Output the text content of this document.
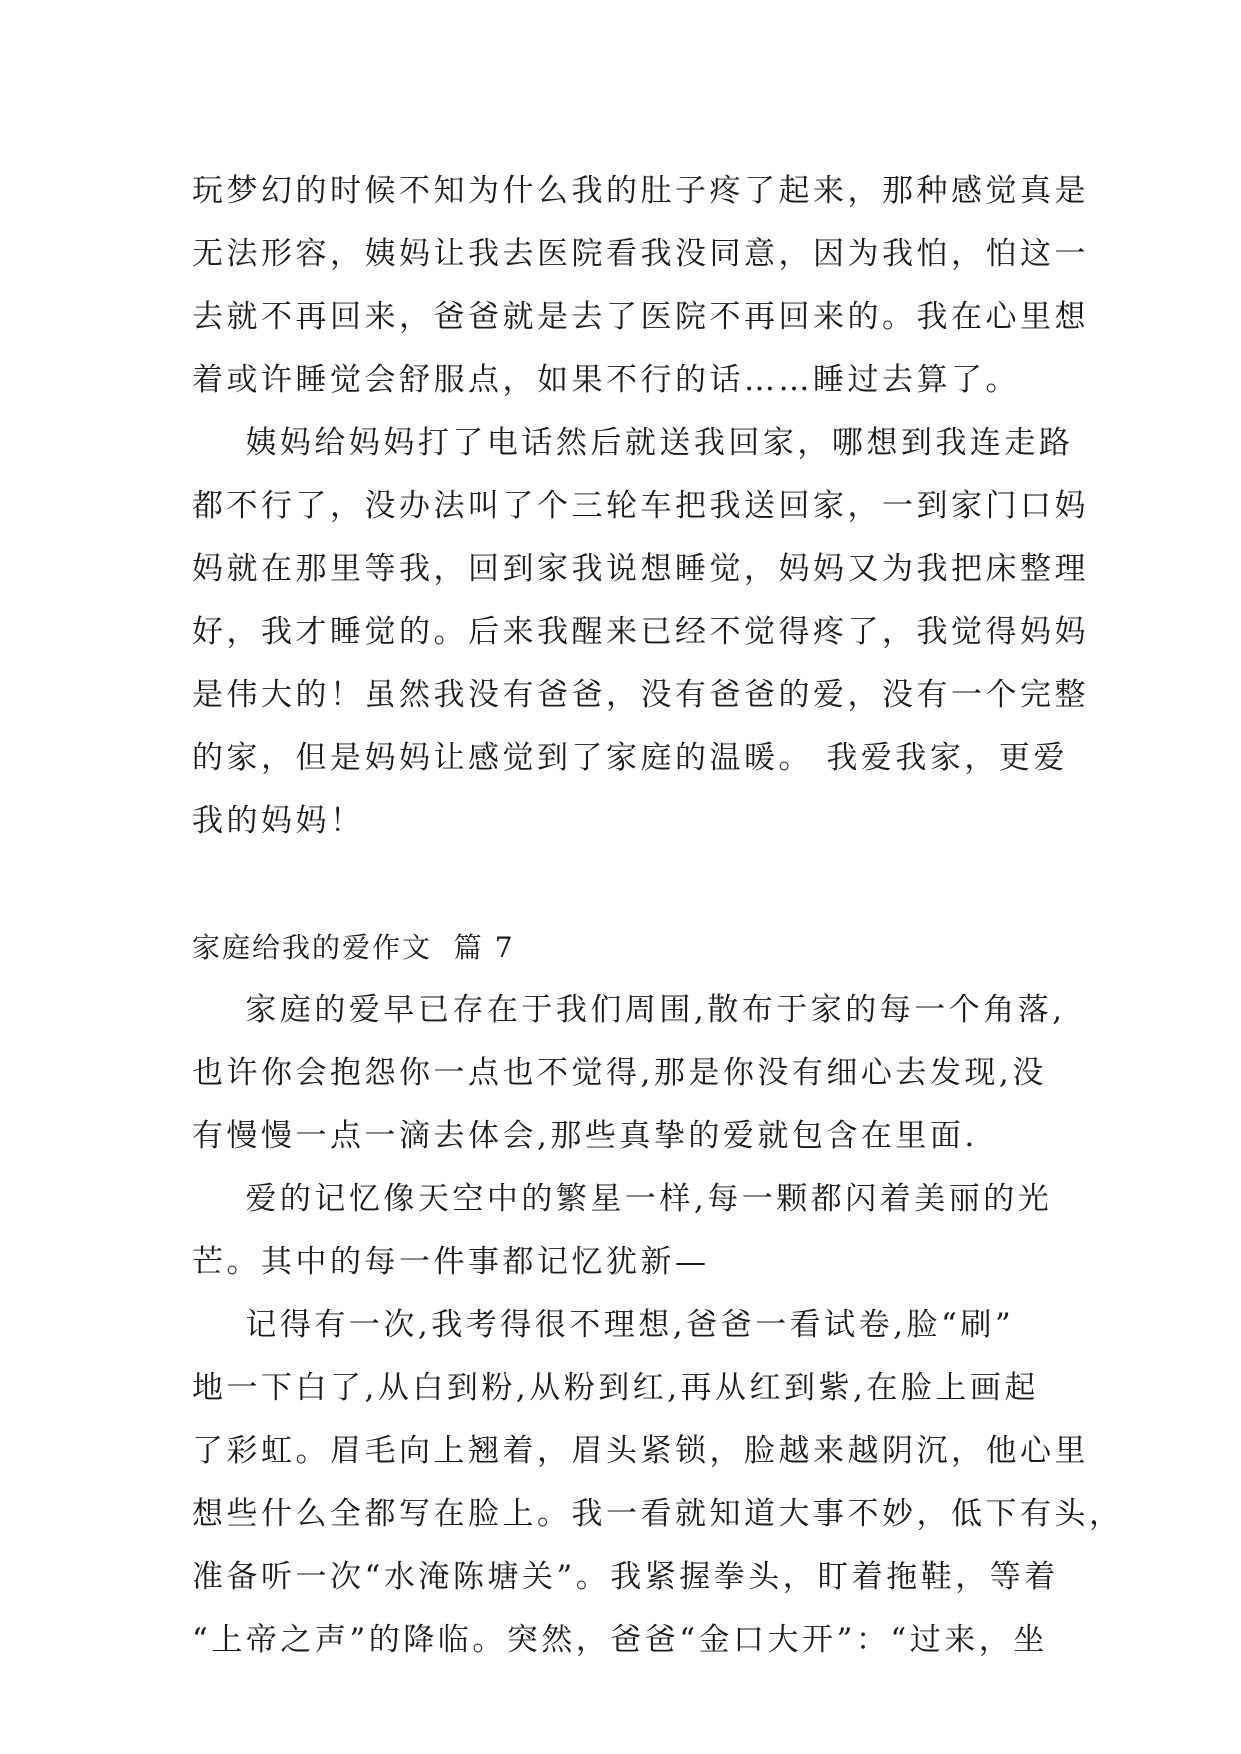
玩梦幻的时候不知为什么我的肚子疼了起来，那种感觉真是
无法形容，姨妈让我去医院看我没同意，因为我怕，怕这一
去就不再回来，爸爸就是去了医院不再回来的。我在心里想
着或许睡觉会舒服点，如果不行的话……睡过去算了。
姨妈给妈妈打了电话然后就送我回家，哪想到我连走路
都不行了，没办法叫了个三轮车把我送回家，一到家门口妈
妈就在那里等我，回到家我说想睡觉，妈妈又为我把床整理
好，我才睡觉的。后来我醒来已经不觉得疼了，我觉得妈妈
是伟大的！虽然我没有爸爸，没有爸爸的爱，没有一个完整
的家，但是妈妈让感觉到了家庭的温暖。 我爱我家，更爱
我的妈妈！
家庭给我的爱作文  篇 7
家庭的爱早已存在于我们周围,散布于家的每一个角落,
也许你会抱怨你一点也不觉得,那是你没有细心去发现,没
有慢慢一点一滴去体会,那些真挚的爱就包含在里面.
爱的记忆像天空中的繁星一样,每一颗都闪着美丽的光
芒。其中的每一件事都记忆犹新—
记得有一次,我考得很不理想,爸爸一看试卷,脸“刷”
地一下白了,从白到粉,从粉到红,再从红到紫,在脸上画起
了彩虹。眉毛向上翘着，眉头紧锁，脸越来越阴沉，他心里
想些什么全都写在脸上。我一看就知道大事不妙，低下有头，
准备听一次“水淹陈塘关”。我紧握拳头，盯着拖鞋，等着
“上帝之声”的降临。突然，爸爸“金口大开”：“过来，坐
